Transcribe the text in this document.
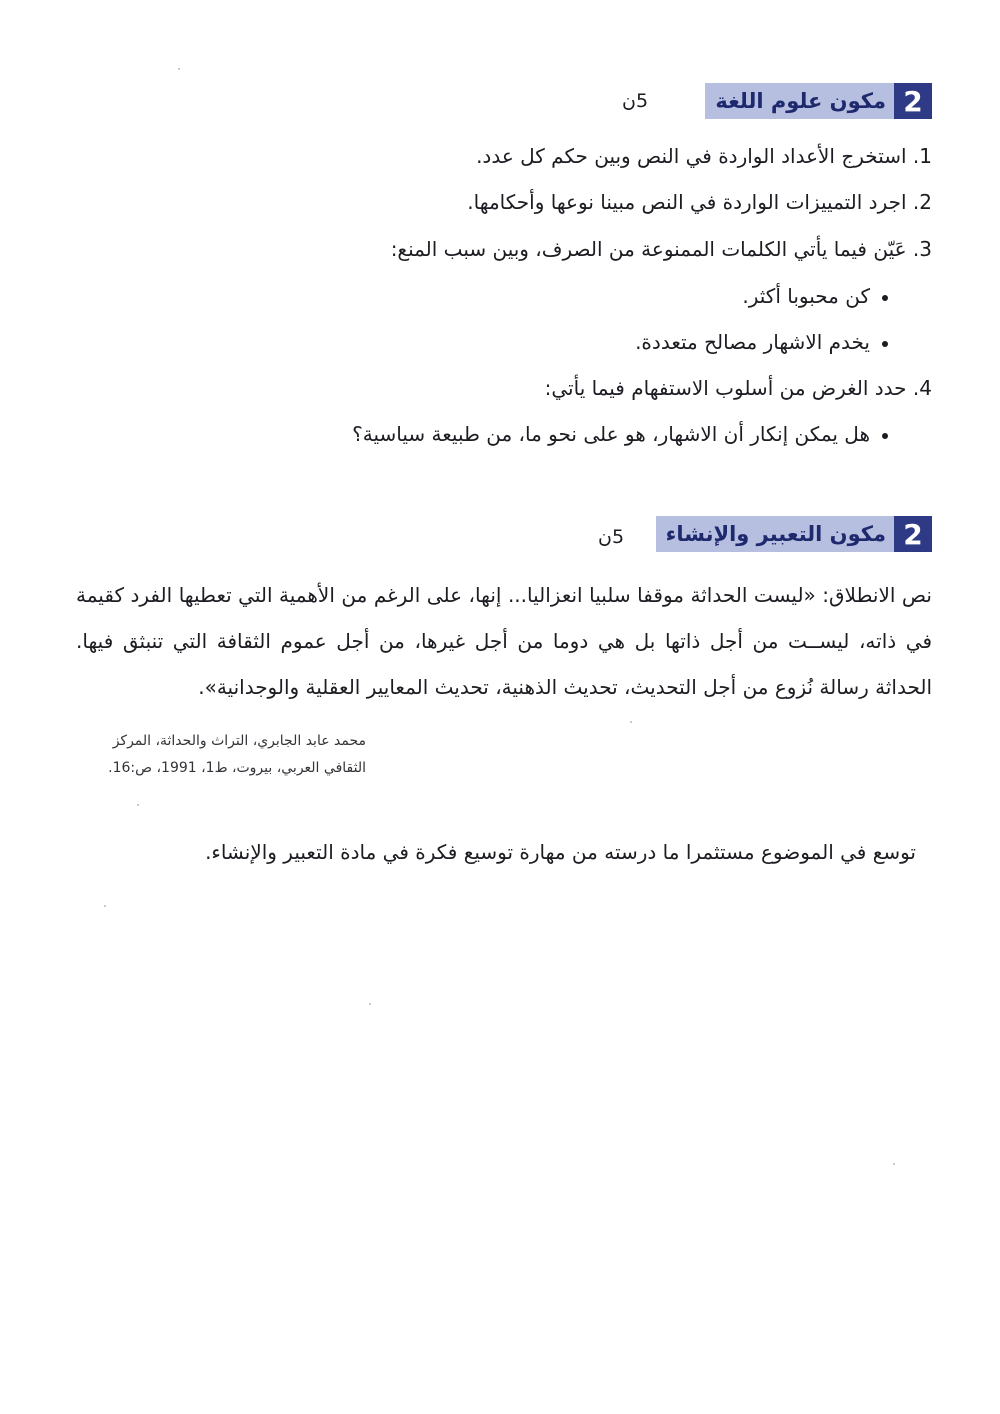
2
مكون علوم اللغة
5ن
1. استخرج الأعداد الواردة في النص وبين حكم كل عدد.
2. اجرد التمييزات الواردة في النص مبينا نوعها وأحكامها.
3. عَيّن فيما يأتي الكلمات الممنوعة من الصرف، وبين سبب المنع:
كن محبوبا أكثر.
يخدم الاشهار مصالح متعددة.
4. حدد الغرض من أسلوب الاستفهام فيما يأتي:
هل يمكن إنكار أن الاشهار، هو على نحو ما، من طبيعة سياسية؟
2
مكون التعبير والإنشاء
5ن
نص الانطلاق: «ليست الحداثة موقفا سلبيا انعزاليا... إنها، على الرغم من الأهمية التي تعطيها الفرد كقيمة في ذاته، ليســت من أجل ذاتها بل هي دوما من أجل غيرها، من أجل عموم الثقافة التي تنبثق فيها. الحداثة رسالة نُزوع من أجل التحديث، تحديث الذهنية، تحديث المعايير العقلية والوجدانية».
محمد عابد الجابري، التراث والحداثة، المركز
الثقافي العربي، بيروت، ط1، 1991، ص:16.
توسع في الموضوع مستثمرا ما درسته من مهارة توسيع فكرة في مادة التعبير والإنشاء.
